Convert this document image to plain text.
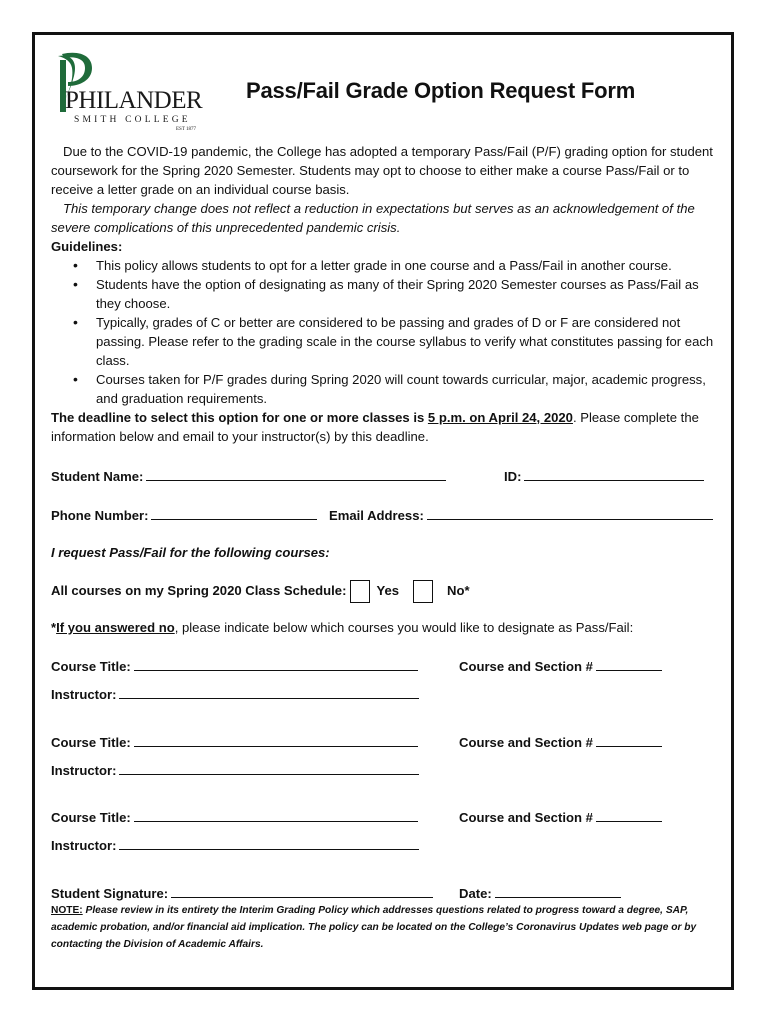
PHILANDER
SMITH COLLEGE
EST 1877
Pass/Fail Grade Option Request Form

Due to the COVID-19 pandemic, the College has adopted a temporary Pass/Fail (P/F) grading option for student coursework for the Spring 2020 Semester. Students may opt to choose to either make a course Pass/Fail or to receive a letter grade on an individual course basis.

This temporary change does not reflect a reduction in expectations but serves as an acknowledgement of the severe complications of this unprecedented pandemic crisis.

Guidelines:

• This policy allows students to opt for a letter grade in one course and a Pass/Fail in another course.
• Students have the option of designating as many of their Spring 2020 Semester courses as Pass/Fail as they choose.
• Typically, grades of C or better are considered to be passing and grades of D or F are considered not passing. Please refer to the grading scale in the course syllabus to verify what constitutes passing for each class.
• Courses taken for P/F grades during Spring 2020 will count towards curricular, major, academic progress, and graduation requirements.

The deadline to select this option for one or more classes is 5 p.m. on April 24, 2020. Please complete the information below and email to your instructor(s) by this deadline.

Student Name:	ID:
Phone Number:	Email Address:
I request Pass/Fail for the following courses:
All courses on my Spring 2020 Class Schedule: Yes	No*
*If you answered no, please indicate below which courses you would like to designate as Pass/Fail:
Course Title:	Course and Section #
Instructor:
Course Title:	Course and Section #
Instructor:
Course Title:	Course and Section #
Instructor:
Student Signature:	Date:
NOTE: Please review in its entirety the Interim Grading Policy which addresses questions related to progress toward a degree, SAP, academic probation, and/or financial aid implication. The policy can be located on the College’s Coronavirus Updates web page or by contacting the Division of Academic Affairs.
